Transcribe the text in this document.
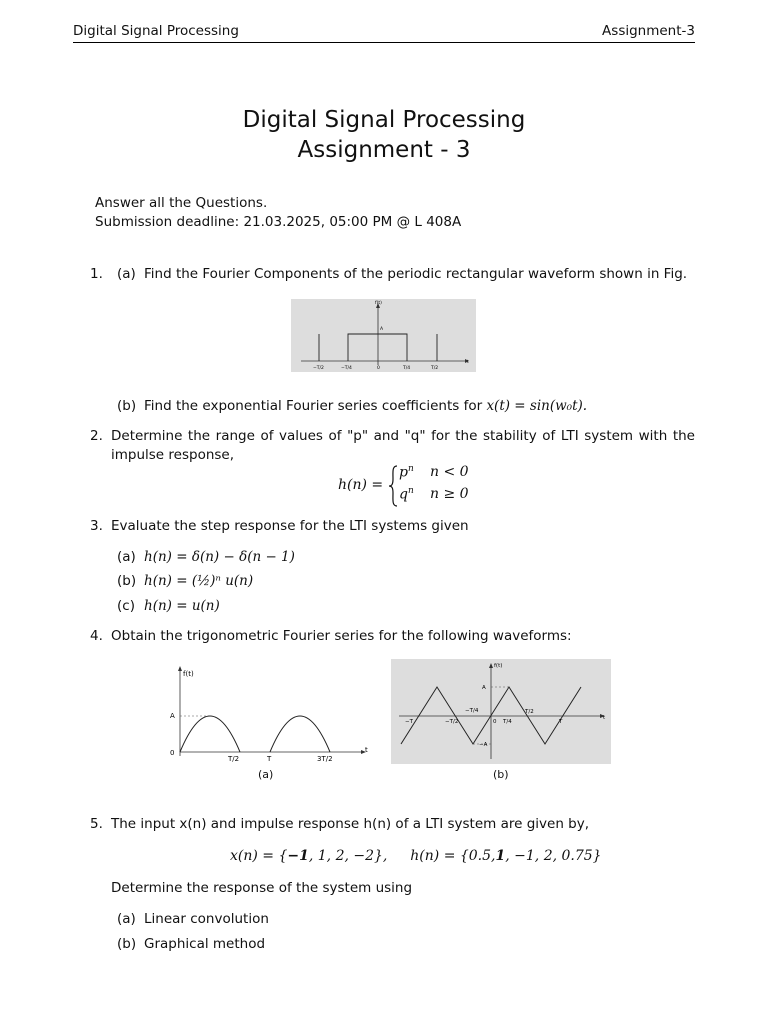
Digital Signal Processing	Assignment-3
Digital Signal Processing
Assignment - 3
Answer all the Questions.
Submission deadline: 21.03.2025, 05:00 PM @ L 408A
1. (a) Find the Fourier Components of the periodic rectangular waveform shown in Fig.
f(t)
A
t
−T/2	−T/4	0	T/4	T/2
(b) Find the exponential Fourier series coefficients for x(t) = sin(w₀t).
2. Determine the range of values of "p" and "q" for the stability of LTI system with the
impulse response,
h(n) =
$p^n$ n < 0
$q^n$ n ≥ 0
3. Evaluate the step response for the LTI systems given
(a) h(n) = δ(n) − δ(n − 1)
(b) h(n) = (½)ⁿ u(n)
(c) h(n) = u(n)
4. Obtain the trigonometric Fourier series for the following waveforms:
f(t)
A
t
0
T/2	T	3T/2
(a)
f(t)
A
−A
t
−T	−T/2
−T/4
0 T/4
T/2
T
(b)
5. The input x(n) and impulse response h(n) of a LTI system are given by,
x(n) = {−1, 1, 2, −2}, h(n) = {0.5,1, −1, 2, 0.75}
Determine the response of the system using
(a) Linear convolution
(b) Graphical method
